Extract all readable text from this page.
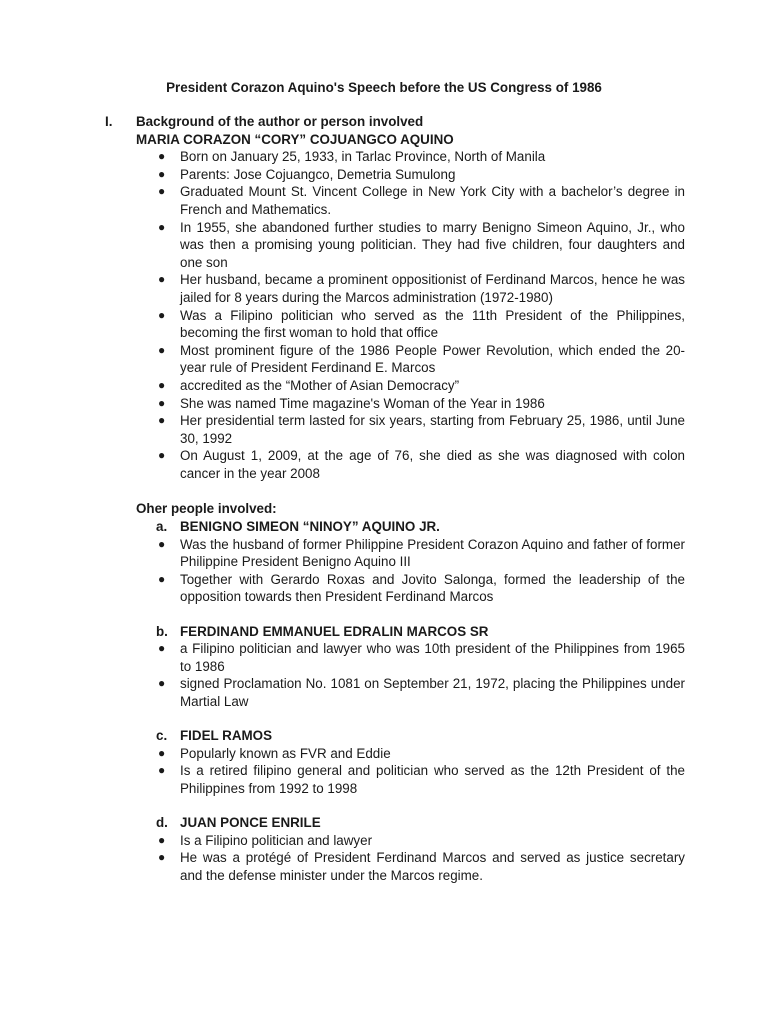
President Corazon Aquino's Speech before the US Congress of 1986
I. Background of the author or person involved
MARIA CORAZON “CORY” COJUANGCO AQUINO
● Born on January 25, 1933, in Tarlac Province, North of Manila
● Parents: Jose Cojuangco, Demetria Sumulong
● Graduated Mount St. Vincent College in New York City with a bachelor’s degree in French and Mathematics.
● In 1955, she abandoned further studies to marry Benigno Simeon Aquino, Jr., who was then a promising young politician. They had five children, four daughters and one son
● Her husband, became a prominent oppositionist of Ferdinand Marcos, hence he was jailed for 8 years during the Marcos administration (1972-1980)
● Was a Filipino politician who served as the 11th President of the Philippines, becoming the first woman to hold that office
● Most prominent figure of the 1986 People Power Revolution, which ended the 20-year rule of President Ferdinand E. Marcos
● accredited as the “Mother of Asian Democracy”
● She was named Time magazine's Woman of the Year in 1986
● Her presidential term lasted for six years, starting from February 25, 1986, until June 30, 1992
● On August 1, 2009, at the age of 76, she died as she was diagnosed with colon cancer in the year 2008
Oher people involved:
a. BENIGNO SIMEON “NINOY” AQUINO JR.
● Was the husband of former Philippine President Corazon Aquino and father of former Philippine President Benigno Aquino III
● Together with Gerardo Roxas and Jovito Salonga, formed the leadership of the opposition towards then President Ferdinand Marcos
b. FERDINAND EMMANUEL EDRALIN MARCOS SR
● a Filipino politician and lawyer who was 10th president of the Philippines from 1965 to 1986
● signed Proclamation No. 1081 on September 21, 1972, placing the Philippines under Martial Law
c. FIDEL RAMOS
● Popularly known as FVR and Eddie
● Is a retired filipino general and politician who served as the 12th President of the Philippines from 1992 to 1998
d. JUAN PONCE ENRILE
● Is a Filipino politician and lawyer
● He was a protégé of President Ferdinand Marcos and served as justice secretary and the defense minister under the Marcos regime.
